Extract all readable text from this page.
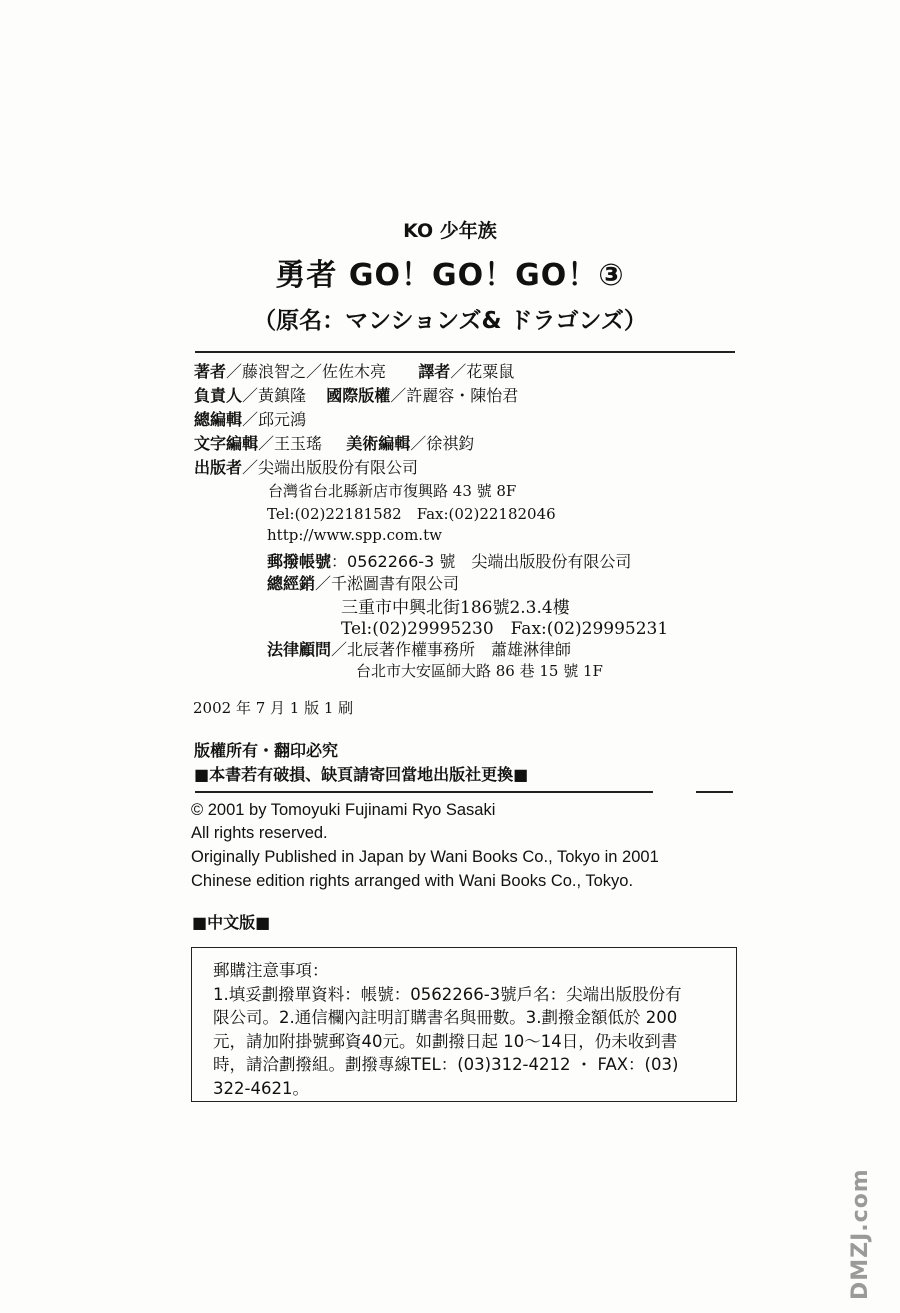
KO 少年族
勇者 GO！GO！GO！③
（原名：マンションズ& ドラゴンズ）
著者／藤浪智之／佐佐木亮 譯者／花粟鼠
負責人／黃鎮隆 國際版權／許麗容・陳怡君
總編輯／邱元鴻
文字編輯／王玉瑤 美術編輯／徐祺鈞
出版者／尖端出版股份有限公司
台灣省台北縣新店市復興路 43 號 8F
Tel:(02)22181582　Fax:(02)22182046
http://www.spp.com.tw
郵撥帳號：0562266-3 號　尖端出版股份有限公司
總經銷／千淞圖書有限公司
三重市中興北街186號2.3.4樓
Tel:(02)29995230　Fax:(02)29995231
法律顧問／北辰著作權事務所　蕭雄淋律師
台北市大安區師大路 86 巷 15 號 1F
2002 年 7 月 1 版 1 刷
版權所有・翻印必究
■本書若有破損、缺頁請寄回當地出版社更換■
© 2001 by Tomoyuki Fujinami Ryo Sasaki
All rights reserved.
Originally Published in Japan by Wani Books Co., Tokyo in 2001
Chinese edition rights arranged with Wani Books Co., Tokyo.
■中文版■

郵購注意事項：

1.填妥劃撥單資料：帳號：0562266-3號戶名：尖端出版股份有

限公司。2.通信欄內註明訂購書名與冊數。3.劃撥金額低於 200

元，請加附掛號郵資40元。如劃撥日起 10～14日，仍未收到書

時，請洽劃撥組。劃撥專線TEL：(03)312-4212 ・ FAX：(03)

322-4621。

DMZJ.com
